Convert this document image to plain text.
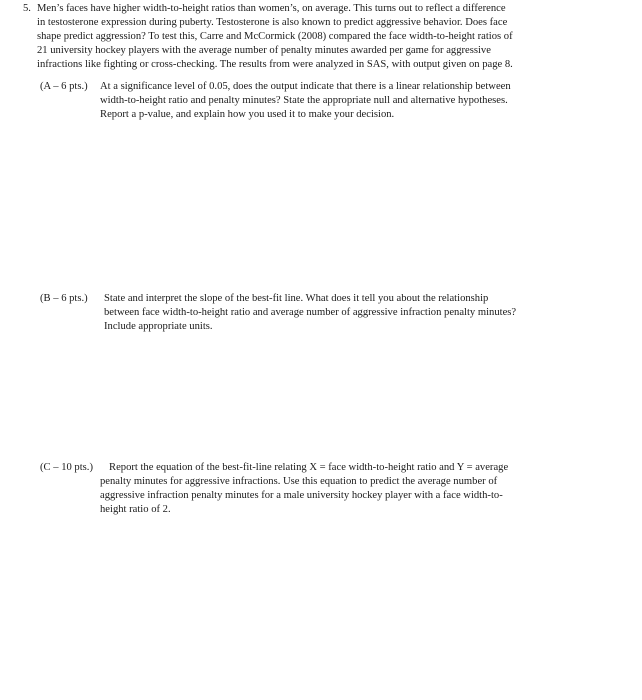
5. Men’s faces have higher width-to-height ratios than women’s, on average. This turns out to reflect a difference
in testosterone expression during puberty. Testosterone is also known to predict aggressive behavior. Does face
shape predict aggression? To test this, Carre and McCormick (2008) compared the face width-to-height ratios of
21 university hockey players with the average number of penalty minutes awarded per game for aggressive
infractions like fighting or cross-checking. The results from were analyzed in SAS, with output given on page 8.
(A – 6 pts.) At a significance level of 0.05, does the output indicate that there is a linear relationship between
width-to-height ratio and penalty minutes? State the appropriate null and alternative hypotheses.
Report a p-value, and explain how you used it to make your decision.
(B – 6 pts.) State and interpret the slope of the best-fit line. What does it tell you about the relationship
between face width-to-height ratio and average number of aggressive infraction penalty minutes?
Include appropriate units.
(C – 10 pts.) Report the equation of the best-fit-line relating X = face width-to-height ratio and Y = average
penalty minutes for aggressive infractions. Use this equation to predict the average number of
aggressive infraction penalty minutes for a male university hockey player with a face width-to-
height ratio of 2.
